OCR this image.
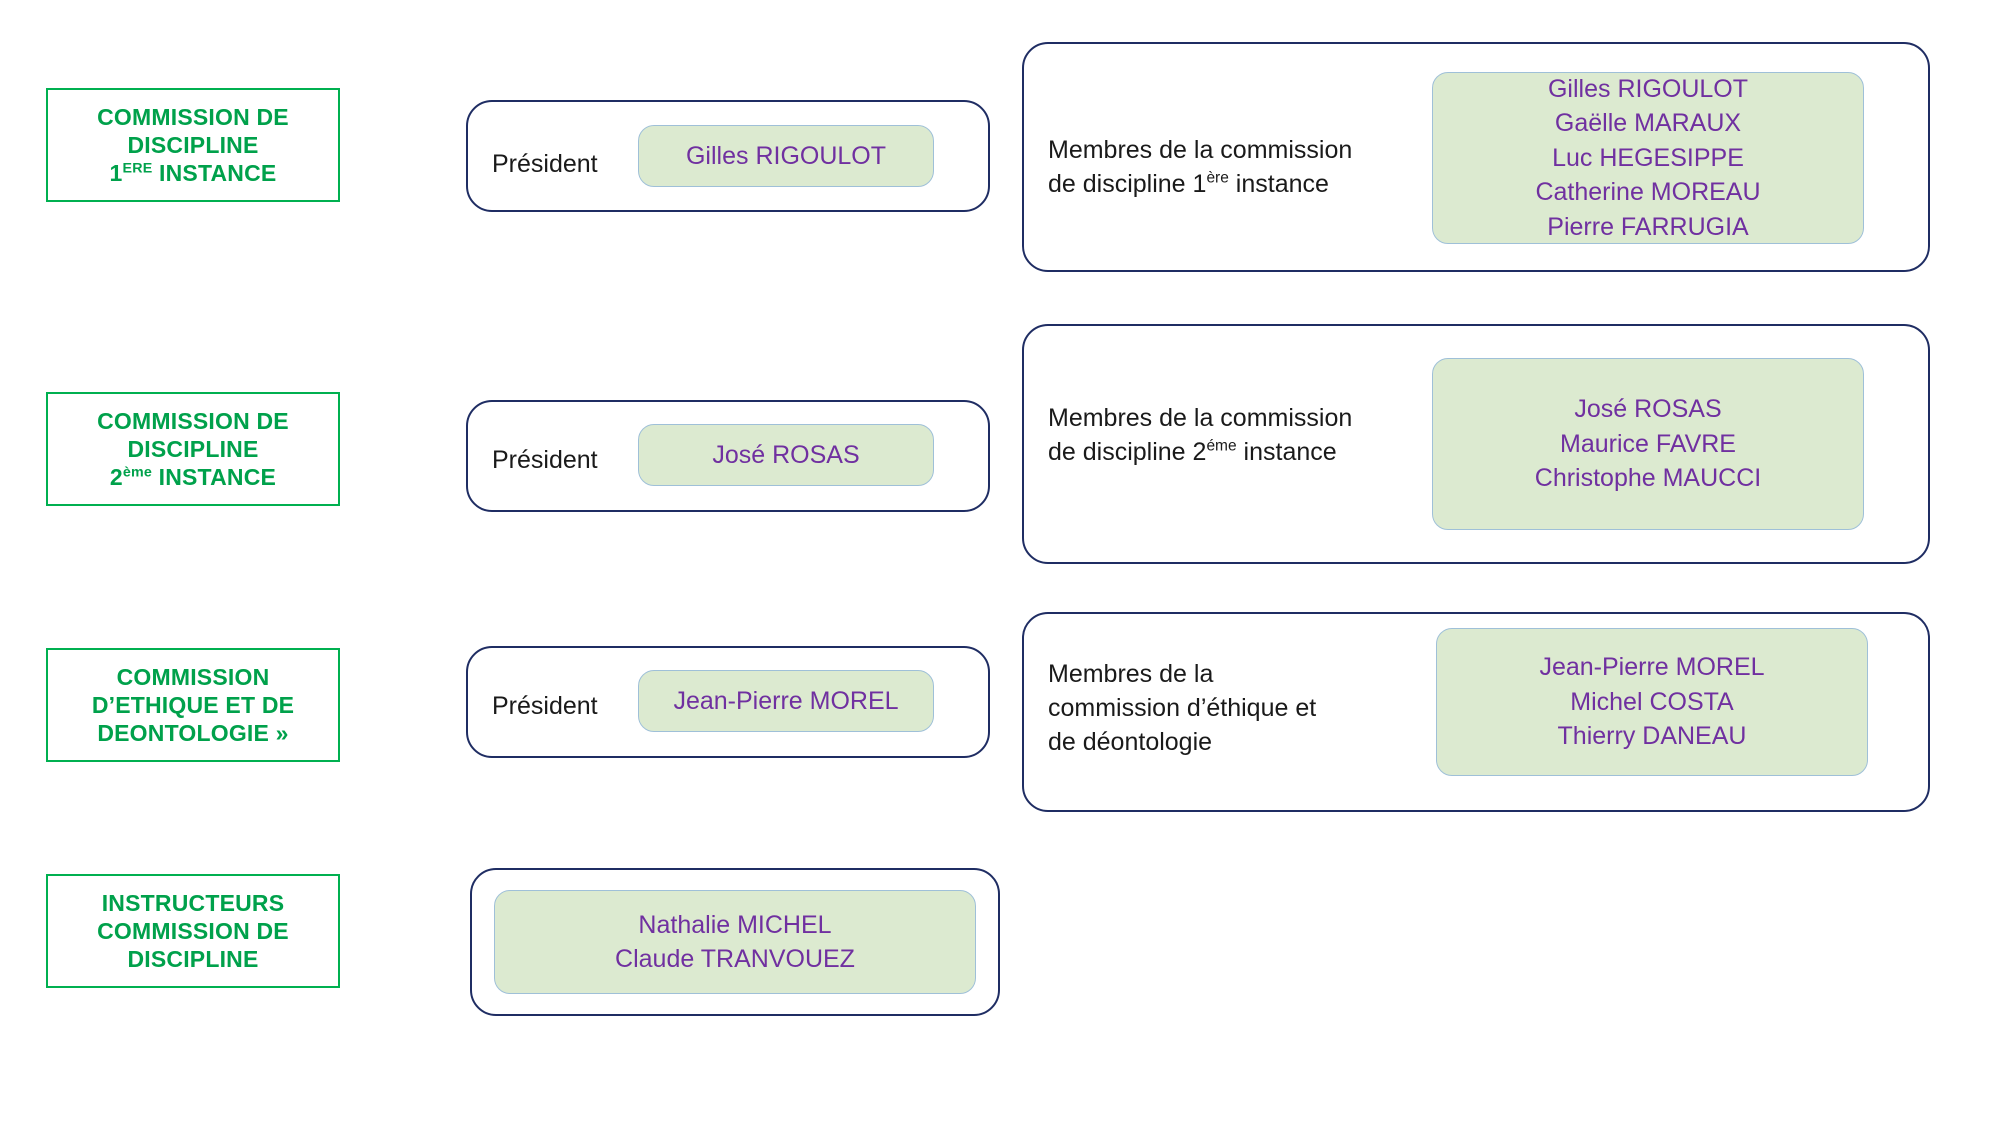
COMMISSION DE
DISCIPLINE
1ERE INSTANCE	Président	Gilles RIGOULOT	Membres de la commission
de discipline 1ère instance
Gilles RIGOULOT
Gaëlle MARAUX
Luc HEGESIPPE
Catherine MOREAU
Pierre FARRUGIA
COMMISSION DE
DISCIPLINE
2ème INSTANCE
Président	José ROSAS
Membres de la commission
de discipline $2^{éme}$ instance
José ROSAS
Maurice FAVRE
Christophe MAUCCI
COMMISSION
D’ETHIQUE ET DE
DEONTOLOGIE »
Président	Jean-Pierre MOREL
Membres de la
commission d’éthique et
de déontologie
Jean-Pierre MOREL
Michel COSTA
Thierry DANEAU
INSTRUCTEURS
COMMISSION DE
DISCIPLINE
Nathalie MICHEL
Claude TRANVOUEZ
